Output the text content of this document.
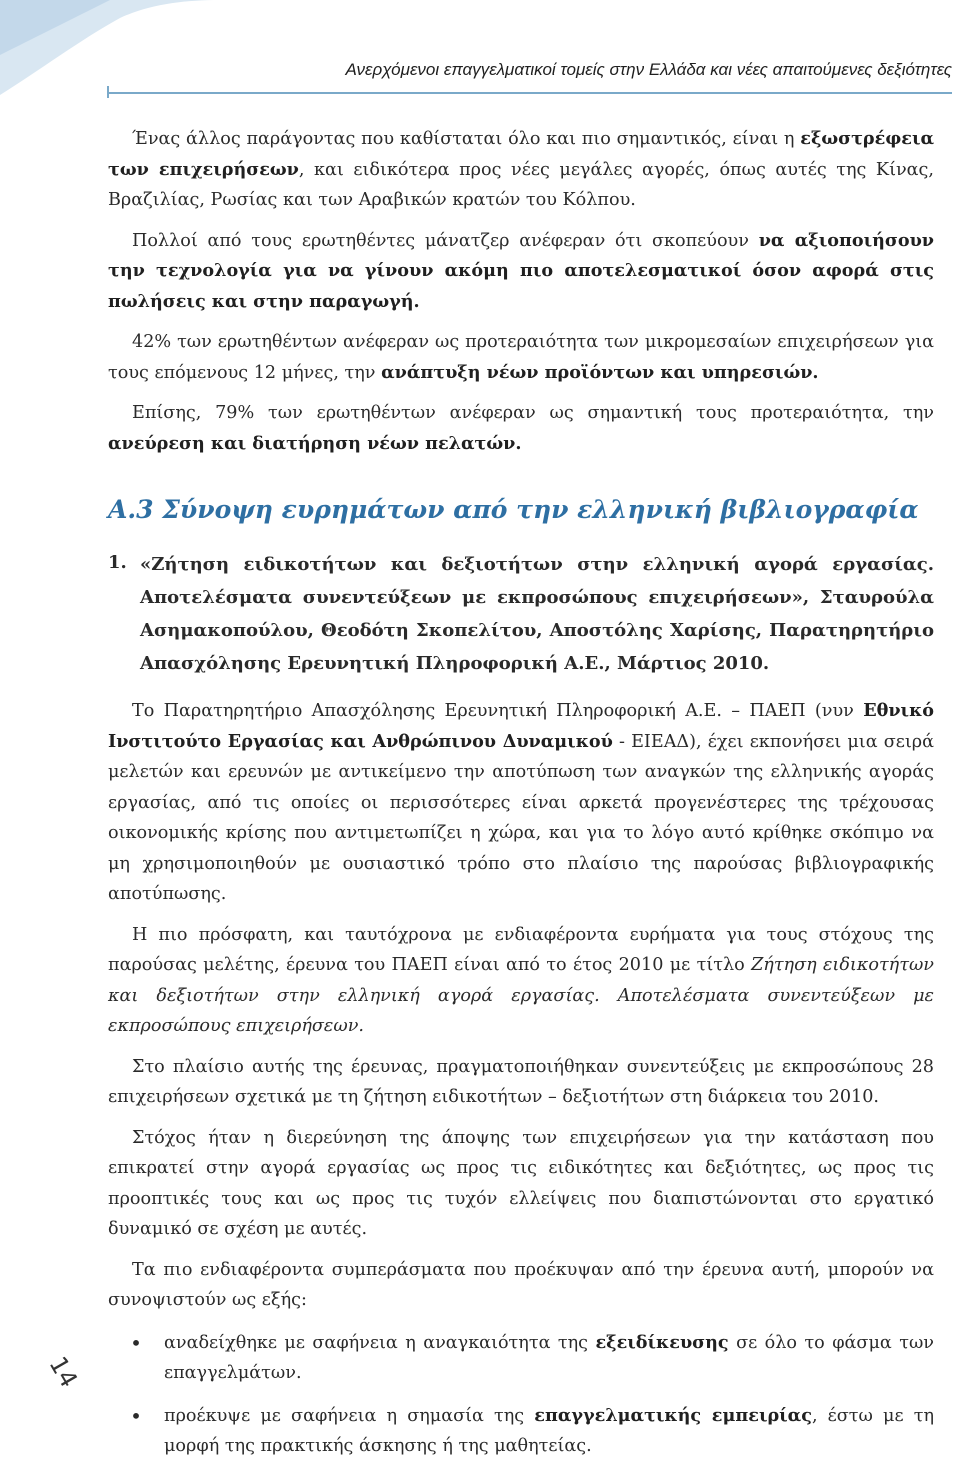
Ανερχόμενοι επαγγελματικοί τομείς στην Ελλάδα και νέες απαιτούμενες δεξιότητες

Ένας άλλος παράγοντας που καθίσταται όλο και πιο σημαντικός, είναι η εξωστρέφεια των επιχειρήσεων, και ειδικότερα προς νέες μεγάλες αγορές, όπως αυτές της Κίνας, Βραζιλίας, Ρωσίας και των Αραβικών κρατών του Κόλπου.

Πολλοί από τους ερωτηθέντες μάνατζερ ανέφεραν ότι σκοπεύουν να αξιοποιήσουν την τεχνολογία για να γίνουν ακόμη πιο αποτελεσματικοί όσον αφορά στις πωλήσεις και στην παραγωγή.

42% των ερωτηθέντων ανέφεραν ως προτεραιότητα των μικρομεσαίων επιχειρήσεων για τους επόμενους 12 μήνες, την ανάπτυξη νέων προϊόντων και υπηρεσιών.

Επίσης, 79% των ερωτηθέντων ανέφεραν ως σημαντική τους προτεραιότητα, την ανεύρεση και διατήρηση νέων πελατών.

Α.3 Σύνοψη ευρημάτων από την ελληνική βιβλιογραφία
1. «Ζήτηση ειδικοτήτων και δεξιοτήτων στην ελληνική αγορά εργασίας. Αποτελέσματα συνεντεύξεων με εκπροσώπους επιχειρήσεων», Σταυρούλα Ασημακοπούλου, Θεοδότη Σκοπελίτου, Αποστόλης Χαρίσης, Παρατηρητήριο Απασχόλησης Ερευνητική Πληροφορική Α.Ε., Μάρτιος 2010.

Το Παρατηρητήριο Απασχόλησης Ερευνητική Πληροφορική Α.Ε. – ΠΑΕΠ (νυν Εθνικό Ινστιτούτο Εργασίας και Ανθρώπινου Δυναμικού - ΕΙΕΑΔ), έχει εκπονήσει μια σειρά μελετών και ερευνών με αντικείμενο την αποτύπωση των αναγκών της ελληνικής αγοράς εργασίας, από τις οποίες οι περισσότερες είναι αρκετά προγενέστερες της τρέχουσας οικονομικής κρίσης που αντιμετωπίζει η χώρα, και για το λόγο αυτό κρίθηκε σκόπιμο να μη χρησιμοποιηθούν με ουσιαστικό τρόπο στο πλαίσιο της παρούσας βιβλιογραφικής αποτύπωσης.

Η πιο πρόσφατη, και ταυτόχρονα με ενδιαφέροντα ευρήματα για τους στόχους της παρούσας μελέτης, έρευνα του ΠΑΕΠ είναι από το έτος 2010 με τίτλο Ζήτηση ειδικοτήτων και δεξιοτήτων στην ελληνική αγορά εργασίας. Αποτελέσματα συνεντεύξεων με εκπροσώπους επιχειρήσεων.

Στο πλαίσιο αυτής της έρευνας, πραγματοποιήθηκαν συνεντεύξεις με εκπροσώπους 28 επιχειρήσεων σχετικά με τη ζήτηση ειδικοτήτων – δεξιοτήτων στη διάρκεια του 2010.

Στόχος ήταν η διερεύνηση της άποψης των επιχειρήσεων για την κατάσταση που επικρατεί στην αγορά εργασίας ως προς τις ειδικότητες και δεξιότητες, ως προς τις προοπτικές τους και ως προς τις τυχόν ελλείψεις που διαπιστώνονται στο εργατικό δυναμικό σε σχέση με αυτές.

Τα πιο ενδιαφέροντα συμπεράσματα που προέκυψαν από την έρευνα αυτή, μπορούν να συνοψιστούν ως εξής:

•	αναδείχθηκε με σαφήνεια η αναγκαιότητα της εξειδίκευσης σε όλο το φάσμα των επαγγελμάτων.
•	προέκυψε με σαφήνεια η σημασία της επαγγελματικής εμπειρίας, έστω με τη μορφή της πρακτικής άσκησης ή της μαθητείας.
14
